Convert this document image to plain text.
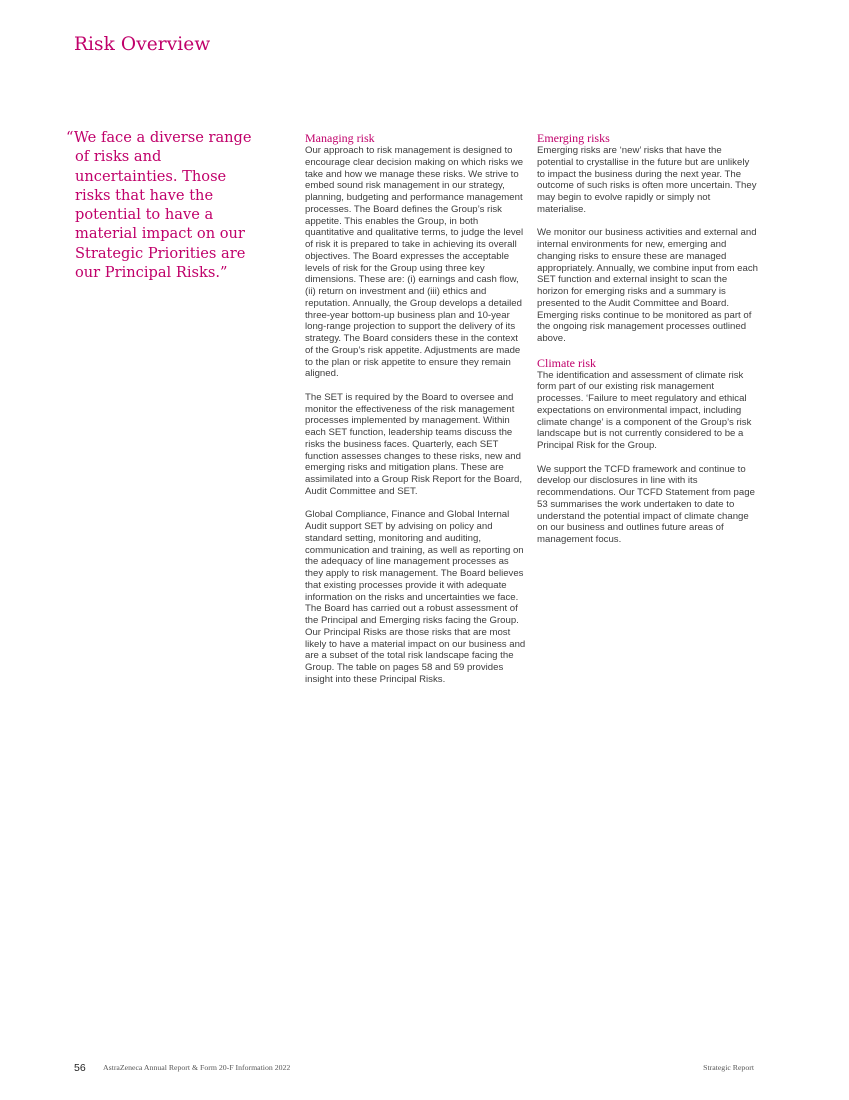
Risk Overview

“We face a diverse range of risks and uncertainties. Those risks that have the potential to have a material impact on our Strategic Priorities are our Principal Risks.”

Managing risk

Our approach to risk management is designed to encourage clear decision making on which risks we take and how we manage these risks. We strive to embed sound risk management in our strategy, planning, budgeting and performance management processes. The Board defines the Group’s risk appetite. This enables the Group, in both quantitative and qualitative terms, to judge the level of risk it is prepared to take in achieving its overall objectives. The Board expresses the acceptable levels of risk for the Group using three key dimensions. These are: (i) earnings and cash flow, (ii) return on investment and (iii) ethics and reputation. Annually, the Group develops a detailed three-year bottom-up business plan and 10-year long-range projection to support the delivery of its strategy. The Board considers these in the context of the Group’s risk appetite. Adjustments are made to the plan or risk appetite to ensure they remain aligned.

The SET is required by the Board to oversee and monitor the effectiveness of the risk management processes implemented by management. Within each SET function, leadership teams discuss the risks the business faces. Quarterly, each SET function assesses changes to these risks, new and emerging risks and mitigation plans. These are assimilated into a Group Risk Report for the Board, Audit Committee and SET.

Global Compliance, Finance and Global Internal Audit support SET by advising on policy and standard setting, monitoring and auditing, communication and training, as well as reporting on the adequacy of line management processes as they apply to risk management. The Board believes that existing processes provide it with adequate information on the risks and uncertainties we face. The Board has carried out a robust assessment of the Principal and Emerging risks facing the Group. Our Principal Risks are those risks that are most likely to have a material impact on our business and are a subset of the total risk landscape facing the Group. The table on pages 58 and 59 provides insight into these Principal Risks.

Emerging risks

Emerging risks are ‘new’ risks that have the potential to crystallise in the future but are unlikely to impact the business during the next year. The outcome of such risks is often more uncertain. They may begin to evolve rapidly or simply not materialise.

We monitor our business activities and external and internal environments for new, emerging and changing risks to ensure these are managed appropriately. Annually, we combine input from each SET function and external insight to scan the horizon for emerging risks and a summary is presented to the Audit Committee and Board. Emerging risks continue to be monitored as part of the ongoing risk management processes outlined above.

Climate risk

The identification and assessment of climate risk form part of our existing risk management processes. ‘Failure to meet regulatory and ethical expectations on environmental impact, including climate change’ is a component of the Group’s risk landscape but is not currently considered to be a Principal Risk for the Group.

We support the TCFD framework and continue to develop our disclosures in line with its recommendations. Our TCFD Statement from page 53 summarises the work undertaken to date to understand the potential impact of climate change on our business and outlines future areas of management focus.

56 AstraZeneca Annual Report & Form 20-F Information 2022	Strategic Report
